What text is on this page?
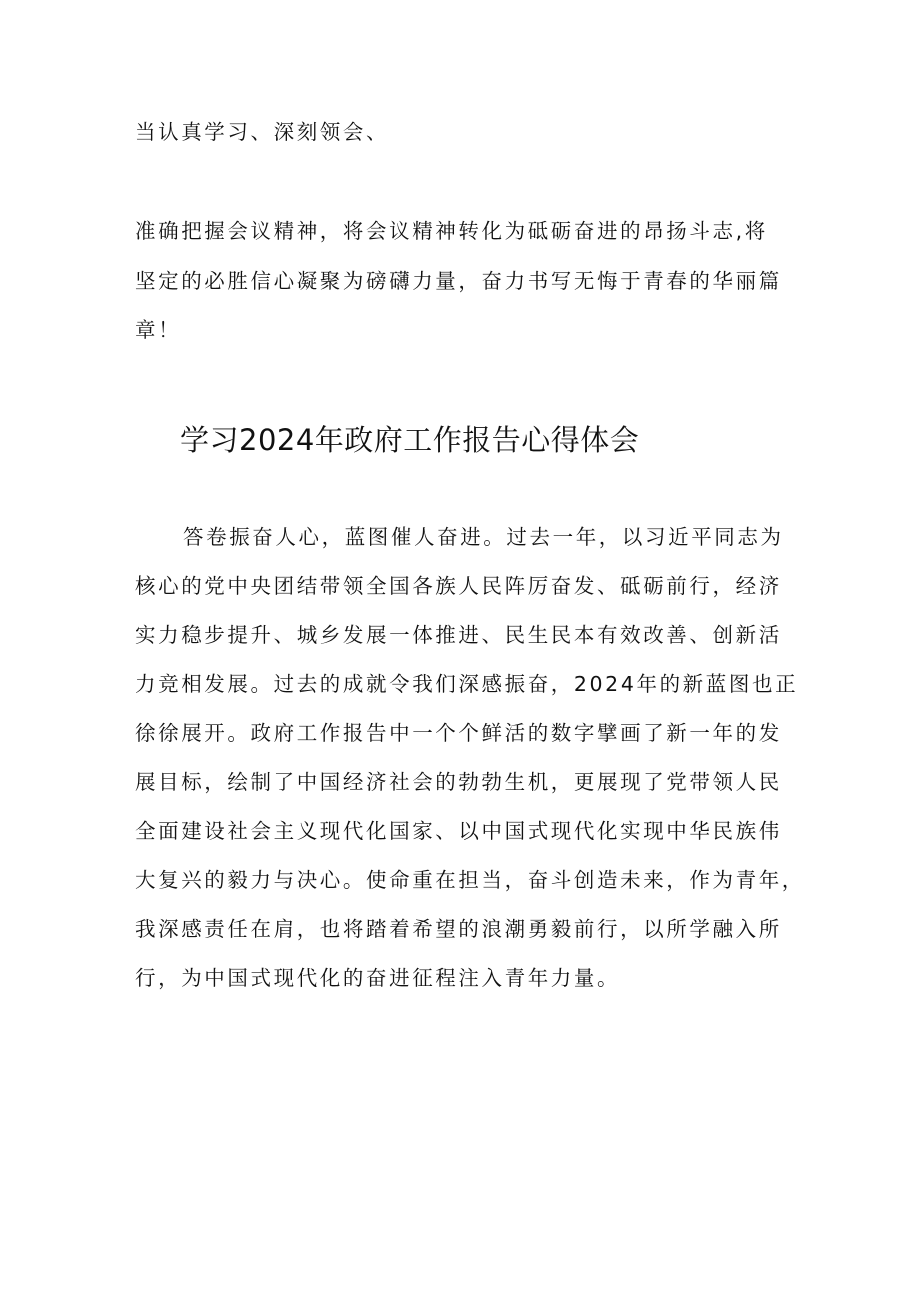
当认真学习、深刻领会、
准确把握会议精神，将会议精神转化为砥砺奋进的昂扬斗志,将
坚定的必胜信心凝聚为磅礴力量，奋力书写无悔于青春的华丽篇
章！
学习2024年政府工作报告心得体会
答卷振奋人心，蓝图催人奋进。过去一年，以习近平同志为
核心的党中央团结带领全国各族人民阵厉奋发、砥砺前行，经济
实力稳步提升、城乡发展一体推进、民生民本有效改善、创新活
力竞相发展。过去的成就令我们深感振奋，2024年的新蓝图也正
徐徐展开。政府工作报告中一个个鲜活的数字擘画了新一年的发
展目标，绘制了中国经济社会的勃勃生机，更展现了党带领人民
全面建设社会主义现代化国家、以中国式现代化实现中华民族伟
大复兴的毅力与决心。使命重在担当，奋斗创造未来，作为青年，
我深感责任在肩，也将踏着希望的浪潮勇毅前行，以所学融入所
行，为中国式现代化的奋进征程注入青年力量。
